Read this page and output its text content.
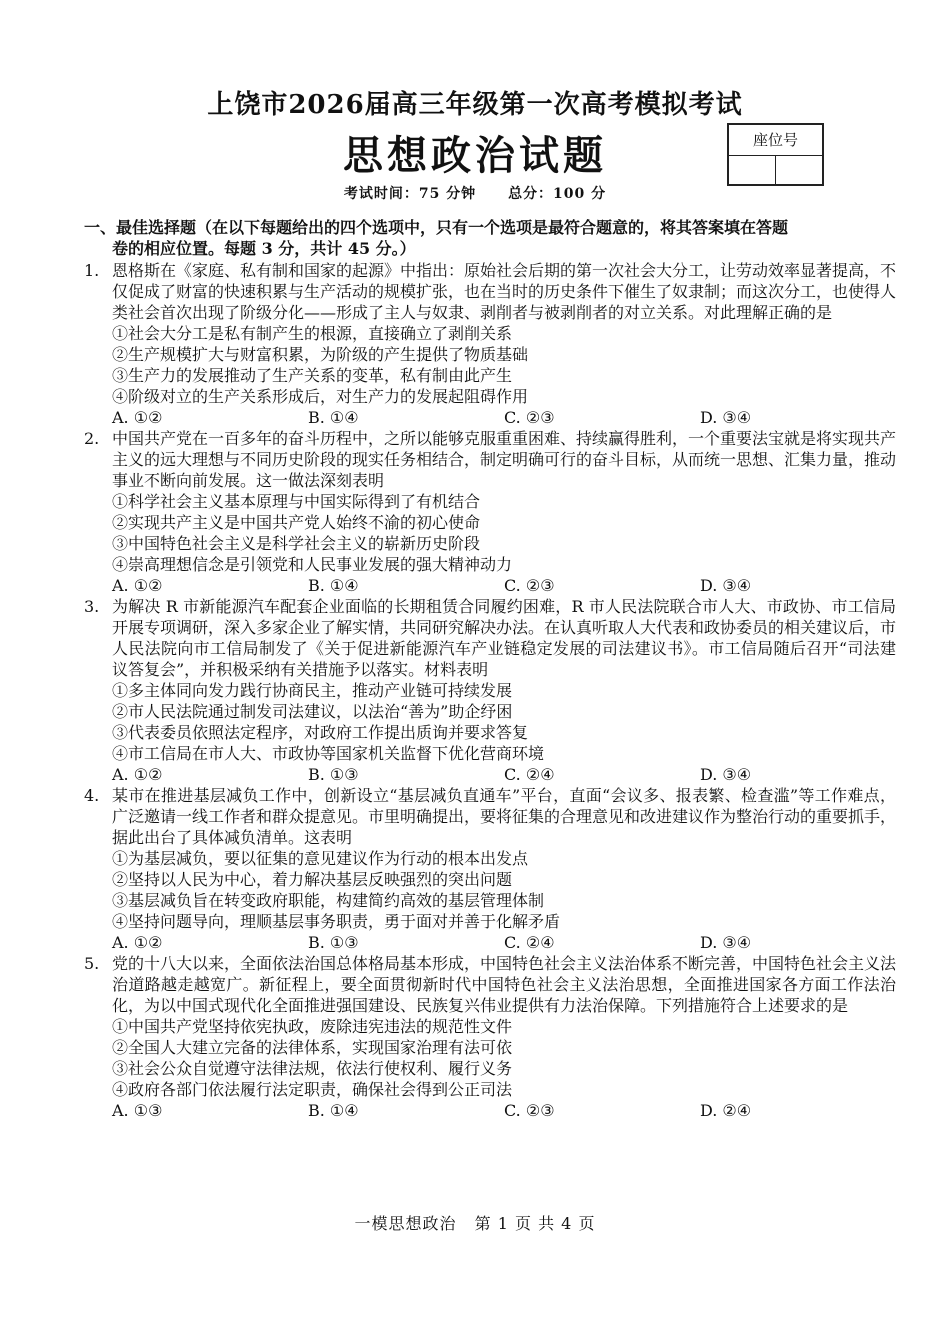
上饶市2026届高三年级第一次高考模拟考试
思想政治试题	座位号
考试时间：75 分钟 总分：100 分
一、最佳选择题（在以下每题给出的四个选项中，只有一个选项是最符合题意的，将其答案填在答题
卷的相应位置。每题 3 分，共计 45 分。）
1. 恩格斯在《家庭、私有制和国家的起源》中指出：原始社会后期的第一次社会大分工，让劳动效率显著提高，不仅促成了财富的快速积累与生产活动的规模扩张，也在当时的历史条件下催生了奴隶制；而这次分工，也使得人类社会首次出现了阶级分化——形成了主人与奴隶、剥削者与被剥削者的对立关系。对此理解正确的是
①社会大分工是私有制产生的根源，直接确立了剥削关系
②生产规模扩大与财富积累，为阶级的产生提供了物质基础
③生产力的发展推动了生产关系的变革，私有制由此产生
④阶级对立的生产关系形成后，对生产力的发展起阻碍作用
A. ①②	B. ①④	C. ②③	D. ③④
2. 中国共产党在一百多年的奋斗历程中，之所以能够克服重重困难、持续赢得胜利，一个重要法宝就是将实现共产主义的远大理想与不同历史阶段的现实任务相结合，制定明确可行的奋斗目标，从而统一思想、汇集力量，推动事业不断向前发展。这一做法深刻表明
①科学社会主义基本原理与中国实际得到了有机结合
②实现共产主义是中国共产党人始终不渝的初心使命
③中国特色社会主义是科学社会主义的崭新历史阶段
④崇高理想信念是引领党和人民事业发展的强大精神动力
A. ①②	B. ①④	C. ②③	D. ③④
3. 为解决 R 市新能源汽车配套企业面临的长期租赁合同履约困难，R 市人民法院联合市人大、市政协、市工信局开展专项调研，深入多家企业了解实情，共同研究解决办法。在认真听取人大代表和政协委员的相关建议后，市人民法院向市工信局制发了《关于促进新能源汽车产业链稳定发展的司法建议书》。市工信局随后召开“司法建议答复会”，并积极采纳有关措施予以落实。材料表明
①多主体同向发力践行协商民主，推动产业链可持续发展
②市人民法院通过制发司法建议，以法治“善为”助企纾困
③代表委员依照法定程序，对政府工作提出质询并要求答复
④市工信局在市人大、市政协等国家机关监督下优化营商环境
A. ①②	B. ①③	C. ②④	D. ③④
4. 某市在推进基层减负工作中，创新设立“基层减负直通车”平台，直面“会议多、报表繁、检查滥”等工作难点，广泛邀请一线工作者和群众提意见。市里明确提出，要将征集的合理意见和改进建议作为整治行动的重要抓手，据此出台了具体减负清单。这表明
①为基层减负，要以征集的意见建议作为行动的根本出发点
②坚持以人民为中心，着力解决基层反映强烈的突出问题
③基层减负旨在转变政府职能，构建简约高效的基层管理体制
④坚持问题导向，理顺基层事务职责，勇于面对并善于化解矛盾
A. ①②	B. ①③	C. ②④	D. ③④
5. 党的十八大以来，全面依法治国总体格局基本形成，中国特色社会主义法治体系不断完善，中国特色社会主义法治道路越走越宽广。新征程上，要全面贯彻新时代中国特色社会主义法治思想，全面推进国家各方面工作法治化，为以中国式现代化全面推进强国建设、民族复兴伟业提供有力法治保障。下列措施符合上述要求的是
①中国共产党坚持依宪执政，废除违宪违法的规范性文件
②全国人大建立完备的法律体系，实现国家治理有法可依
③社会公众自觉遵守法律法规，依法行使权利、履行义务
④政府各部门依法履行法定职责，确保社会得到公正司法
A. ①③	B. ①④	C. ②③	D. ②④
一模思想政治 第 1 页 共 4 页
